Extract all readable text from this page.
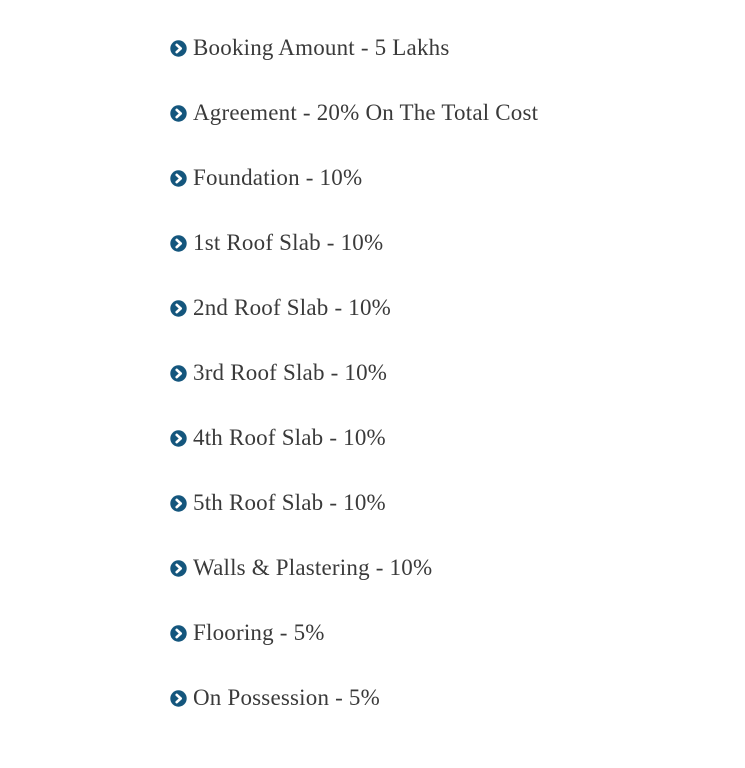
Booking Amount - 5 Lakhs
Agreement - 20% On The Total Cost
Foundation - 10%
1st Roof Slab - 10%
2nd Roof Slab - 10%
3rd Roof Slab - 10%
4th Roof Slab - 10%
5th Roof Slab - 10%
Walls & Plastering - 10%
Flooring - 5%
On Possession - 5%
